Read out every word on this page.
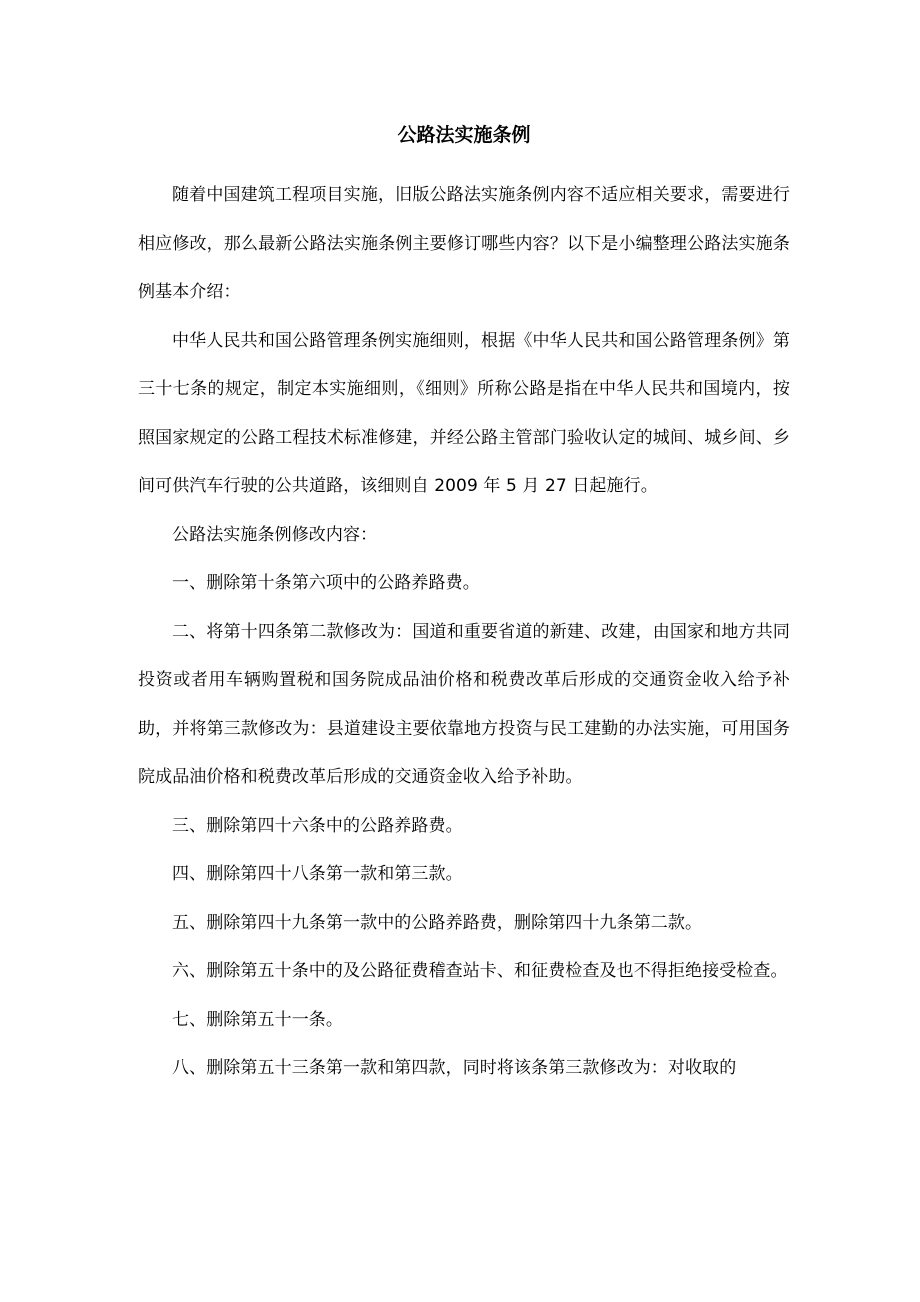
公路法实施条例

随着中国建筑工程项目实施，旧版公路法实施条例内容不适应相关要求，需要进行相应修改，那么最新公路法实施条例主要修订哪些内容？以下是小编整理公路法实施条例基本介绍：

中华人民共和国公路管理条例实施细则，根据《中华人民共和国公路管理条例》第三十七条的规定，制定本实施细则，《细则》所称公路是指在中华人民共和国境内，按照国家规定的公路工程技术标准修建，并经公路主管部门验收认定的城间、城乡间、乡间可供汽车行驶的公共道路，该细则自 2009 年 5 月 27 日起施行。

公路法实施条例修改内容：

一、删除第十条第六项中的公路养路费。

二、将第十四条第二款修改为：国道和重要省道的新建、改建，由国家和地方共同投资或者用车辆购置税和国务院成品油价格和税费改革后形成的交通资金收入给予补助，并将第三款修改为：县道建设主要依靠地方投资与民工建勤的办法实施，可用国务院成品油价格和税费改革后形成的交通资金收入给予补助。

三、删除第四十六条中的公路养路费。

四、删除第四十八条第一款和第三款。

五、删除第四十九条第一款中的公路养路费，删除第四十九条第二款。

六、删除第五十条中的及公路征费稽查站卡、和征费检查及也不得拒绝接受检查。

七、删除第五十一条。

八、删除第五十三条第一款和第四款，同时将该条第三款修改为：对收取的
